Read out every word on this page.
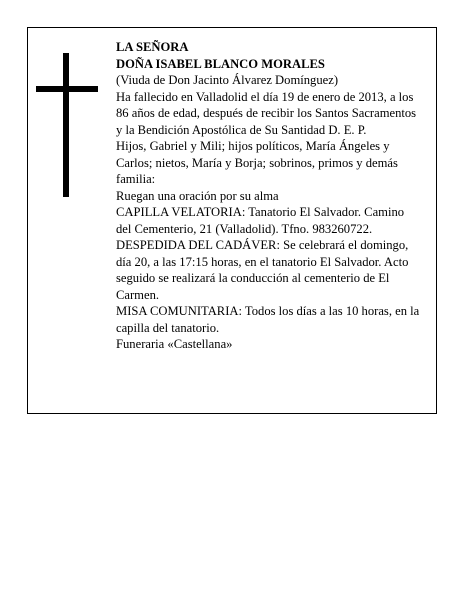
LA SEÑORA

DOÑA ISABEL BLANCO MORALES

(Viuda de Don Jacinto Álvarez Domínguez)

Ha fallecido en Valladolid el día 19 de enero de 2013, a los 86 años de edad, después de recibir los Santos Sacramentos y la Bendición Apostólica de Su Santidad D. E. P.

Hijos, Gabriel y Mili; hijos políticos, María Ángeles y Carlos; nietos, María y Borja; sobrinos, primos y demás familia:

Ruegan una oración por su alma

CAPILLA VELATORIA: Tanatorio El Salvador. Camino del Cementerio, 21 (Valladolid). Tfno. 983260722.

DESPEDIDA DEL CADÁVER: Se celebrará el domingo, día 20, a las 17:15 horas, en el tanatorio El Salvador. Acto seguido se realizará la conducción al cementerio de El Carmen.

MISA COMUNITARIA: Todos los días a las 10 horas, en la capilla del tanatorio.

Funeraria «Castellana»
